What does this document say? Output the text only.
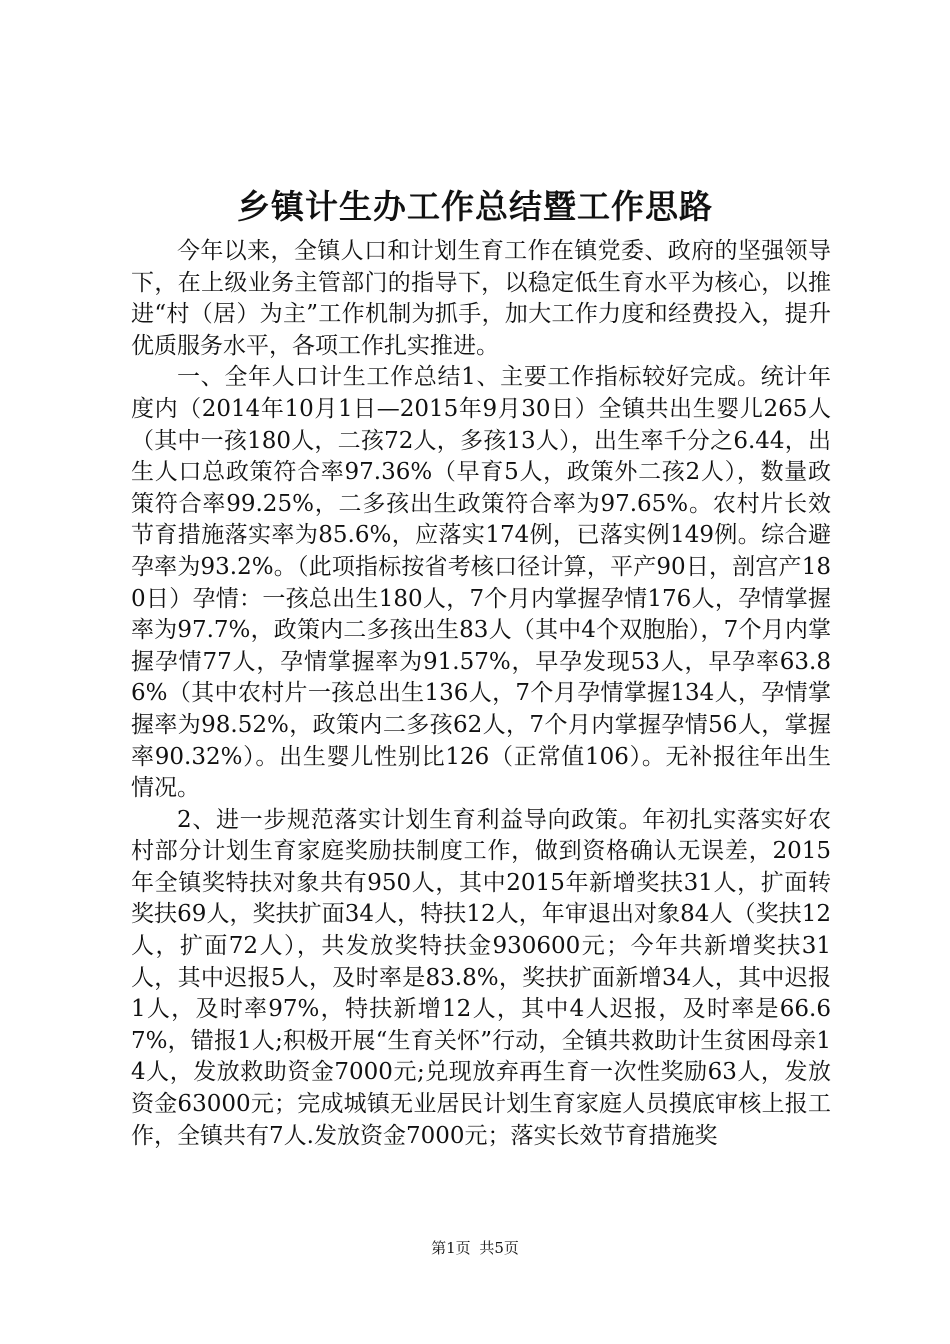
乡镇计生办工作总结暨工作思路

今年以来，全镇人口和计划生育工作在镇党委、政府的坚强领导下，在上级业务主管部门的指导下，以稳定低生育水平为核心，以推进“村（居）为主”工作机制为抓手，加大工作力度和经费投入，提升优质服务水平，各项工作扎实推进。

一、全年人口计生工作总结1、主要工作指标较好完成。统计年度内（2014年10月1日—2015年9月30日）全镇共出生婴儿265人（其中一孩180人，二孩72人，多孩13人），出生率千分之6.44，出生人口总政策符合率97.36%（早育5人，政策外二孩2人），数量政策符合率99.25%，二多孩出生政策符合率为97.65%。农村片长效节育措施落实率为85.6%，应落实174例，已落实例149例。综合避孕率为93.2%。（此项指标按省考核口径计算，平产90日，剖宫产180日）孕情：一孩总出生180人，7个月内掌握孕情176人，孕情掌握率为97.7%，政策内二多孩出生83人（其中4个双胞胎），7个月内掌握孕情77人，孕情掌握率为91.57%，早孕发现53人，早孕率63.86%（其中农村片一孩总出生136人，7个月孕情掌握134人，孕情掌握率为98.52%，政策内二多孩62人，7个月内掌握孕情56人，掌握率90.32%）。出生婴儿性别比126（正常值106）。无补报往年出生情况。

2、进一步规范落实计划生育利益导向政策。年初扎实落实好农村部分计划生育家庭奖励扶制度工作，做到资格确认无误差，2015年全镇奖特扶对象共有950人，其中2015年新增奖扶31人，扩面转奖扶69人，奖扶扩面34人，特扶12人，年审退出对象84人（奖扶12人，扩面72人），共发放奖特扶金930600元；今年共新增奖扶31人，其中迟报5人，及时率是83.8%，奖扶扩面新增34人，其中迟报1人，及时率97%，特扶新增12人，其中4人迟报，及时率是66.67%，错报1人;积极开展“生育关怀”行动，全镇共救助计生贫困母亲14人，发放救助资金7000元;兑现放弃再生育一次性奖励63人，发放资金63000元；完成城镇无业居民计划生育家庭人员摸底审核上报工作，全镇共有7人.发放资金7000元；落实长效节育措施奖

第1页 共5页
